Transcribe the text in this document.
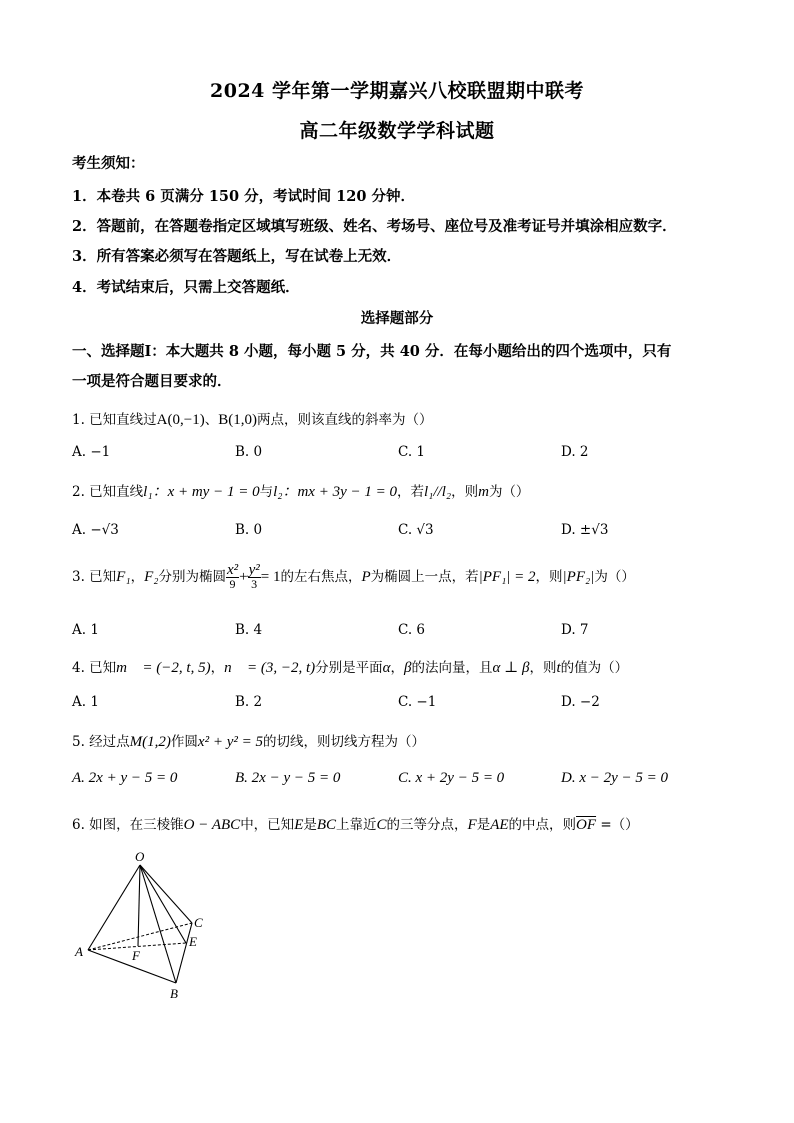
2024 学年第一学期嘉兴八校联盟期中联考
高二年级数学学科试题
考生须知：
1．本卷共 6 页满分 150 分，考试时间 120 分钟．
2．答题前，在答题卷指定区域填写班级、姓名、考场号、座位号及准考证号并填涂相应数字．
3．所有答案必须写在答题纸上，写在试卷上无效．
4．考试结束后，只需上交答题纸．
选择题部分
一、选择题Ⅰ：本大题共 8 小题，每小题 5 分，共 40 分．在每小题给出的四个选项中，只有
一项是符合题目要求的．
1. 已知直线过A(0,−1)、B(1,0)两点，则该直线的斜率为（）
A. −1	B. 0	C. 1	D. 2
2. 已知直线l₁：x + my − 1 = 0与l₂：mx + 3y − 1 = 0，若l₁//l₂，则m为（）
A. −√3	B. 0	C. √3	D. ±√3
3. 已知F₁，F₂分别为椭圆 $\frac{\text{x²}}{9} + \frac{\text{y²}}{3} = 1$的左右焦点，P为椭圆上一点，若|PF₁| = 2，则|PF₂|为（）
A. 1	B. 4	C. 6	D. 7
4. 已知m⃗ = (−2, t, 5)，n⃗ = (3, −2, t)分别是平面α，β的法向量，且α ⊥ β，则t的值为（）
A. 1	B. 2	C. −1	D. −2
5. 经过点M(1,2)作圆x² + y² = 5的切线，则切线方程为（）
A. 2x + y − 5 = 0	B. 2x − y − 5 = 0	C. x + 2y − 5 = 0	D. x − 2y − 5 = 0
6. 如图，在三棱锥O − ABC中，已知E是BC上靠近C的三等分点，F是AE的中点，则$\overline{OF}$ =（）
O
A
B
C
E
F
